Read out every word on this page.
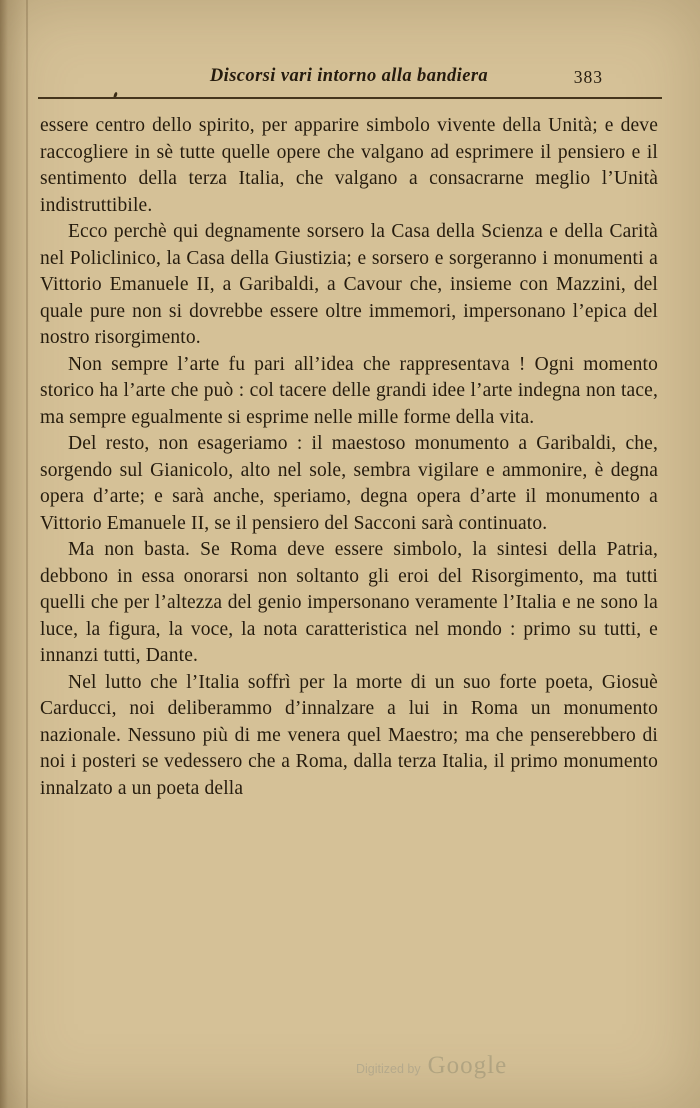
Discorsi vari intorno alla bandiera	383

essere centro dello spirito, per apparire simbolo vivente della Unità; e deve raccogliere in sè tutte quelle opere che valgano ad esprimere il pensiero e il sentimento della terza Italia, che valgano a consacrarne meglio l’Unità indistruttibile.

Ecco perchè qui degnamente sorsero la Casa della Scienza e della Carità nel Policlinico, la Casa della Giustizia; e sorsero e sorgeranno i monumenti a Vittorio Emanuele II, a Garibaldi, a Cavour che, insieme con Mazzini, del quale pure non si dovrebbe essere oltre immemori, impersonano l’epica del nostro risorgimento.

Non sempre l’arte fu pari all’idea che rappresentava ! Ogni momento storico ha l’arte che può : col tacere delle grandi idee l’arte indegna non tace, ma sempre egualmente si esprime nelle mille forme della vita.

Del resto, non esageriamo : il maestoso monumento a Garibaldi, che, sorgendo sul Gianicolo, alto nel sole, sembra vigilare e ammonire, è degna opera d’arte; e sarà anche, speriamo, degna opera d’arte il monumento a Vittorio Emanuele II, se il pensiero del Sacconi sarà continuato.

Ma non basta. Se Roma deve essere simbolo, la sintesi della Patria, debbono in essa onorarsi non soltanto gli eroi del Risorgimento, ma tutti quelli che per l’altezza del genio impersonano veramente l’Italia e ne sono la luce, la figura, la voce, la nota caratteristica nel mondo : primo su tutti, e innanzi tutti, Dante.

Nel lutto che l’Italia soffrì per la morte di un suo forte poeta, Giosuè Carducci, noi deliberammo d’innalzare a lui in Roma un monumento nazionale. Nessuno più di me venera quel Maestro; ma che penserebbero di noi i posteri se vedessero che a Roma, dalla terza Italia, il primo monumento innalzato a un poeta della

Digitized by Google
